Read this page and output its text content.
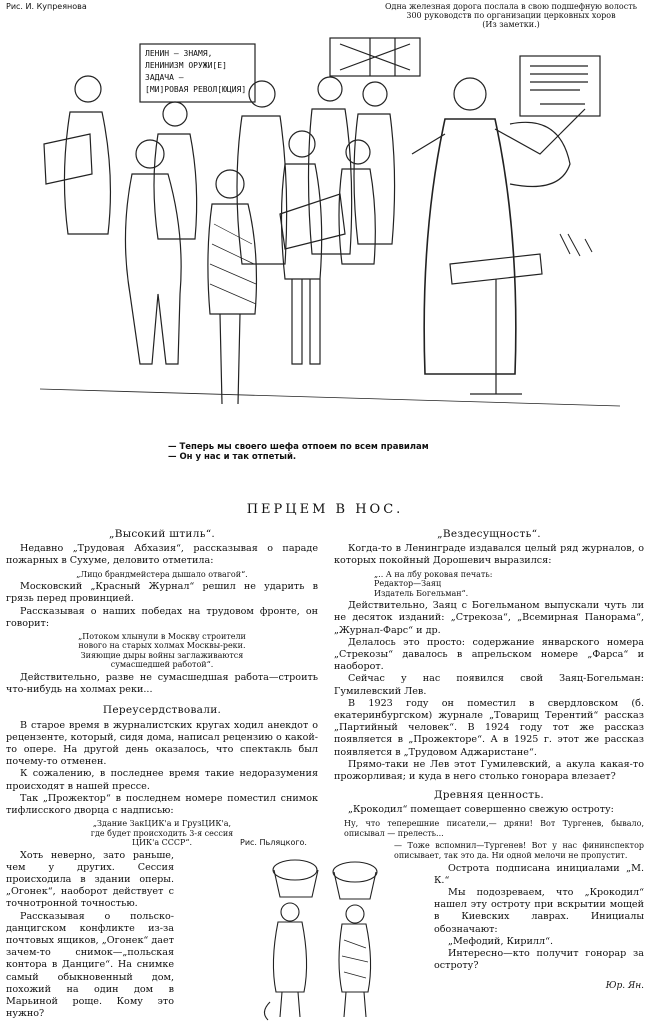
Рис. И. Купреянова	Одна железная дорога послала в свою подшефную волость 300 руководств по организации церковных хоров
(Из заметки.)
ЛЕНИН — ЗНАМЯ,
ЛЕНИНИЗМ ОРУЖИ[Е]
ЗАДАЧА —
[МИ]РОВАЯ РЕВОЛ[ЮЦИЯ]
— Теперь мы своего шефа отпоем по всем правилам
— Он у нас и так отпетый.
ПЕРЦЕМ В НОС.
„Высокий штиль“.

Недавно „Трудовая Абхазия“, рассказывая о параде пожарных в Сухуме, деловито отметила:

„Лицо брандмейстера дышало отвагой“.

Московский „Красный Журнал“ решил не ударить в грязь перед провинцией.

Рассказывая о наших победах на трудовом фронте, он говорит:

„Потоком хлынули в Москву строители
нового на старых холмах Москвы-реки.
Зияющие дыры войны заглаживаются
сумасшедшей работой“.

Действительно, разве не сумасшедшая работа—строить что-нибудь на холмах реки...

Переусердствовали.

В старое время в журналистских кругах ходил анекдот о рецензенте, который, сидя дома, написал рецензию о какой-то опере. На другой день оказалось, что спектакль был почему-то отменен.

К сожалению, в последнее время такие недоразумения происходят в нашей прессе.

Так „Прожектор“ в последнем номере поместил снимок тифлисского дворца с надписью:

„Здание ЗакЦИК'а и ГрузЦИК'а,
где будет происходить 3-я сессия
ЦИК'а СССР“.

Хоть неверно, зато раньше, чем у других. Сессия происходила в здании оперы. „Огонек“, наоборот действует с точнотронной точностью.

Рассказывая о польско-данцигском конфликте из-за почтовых ящиков, „Огонек“ дает зачем-то снимок—„польская контора в Данциге“. На снимке самый обыкновенный дом, похожий на один дом в Марьиной роще. Кому это нужно?

Рис. Пьляцкого.
„Вездесущность“.

Когда-то в Ленинграде издавался целый ряд журналов, о которых покойный Дорошевич выразился:

„.. А на лбу роковая печать:
Редактор—Заяц
Издатель Богельман“.

Действительно, Заяц с Богельманом выпускали чуть ли не десяток изданий: „Стрекоза“, „Всемирная Панорама“, „Журнал-Фарс“ и др.

Делалось это просто: содержание январского номера „Стрекозы“ давалось в апрельском номере „Фарса“ и наоборот.

Сейчас у нас появился свой Заяц-Богельман: Гумилевский Лев.

В 1923 году он поместил в свердловском (б. екатеринбургском) журнале „Товарищ Терентий“ рассказ „Партийный человек“. В 1924 году тот же рассказ появляется в „Прожекторе“. А в 1925 г. этот же рассказ появляется в „Трудовом Аджаристане“.

Прямо-таки не Лев этот Гумилевский, а акула какая-то прожорливая; и куда в него столько гонорара влезает?

Древняя ценность.

„Крокодил“ помещает совершенно свежую остроту:

Ну, что теперешние писатели,— дряни! Вот Тургенев, бывало, описывал — прелесть...
— Тоже вспомнил—Тургенев! Вот у нас фининспектор описывает, так это да. Ни одной мелочи не пропустит.

Острота подписана инициалами „М. К.“

Мы подозреваем, что „Крокодил“ нашел эту остроту при вскрытии мощей в Киевских лаврах. Инициалы обозначают:

„Мефодий, Кирилл“.

Интересно—кто получит гонорар за остроту?

Юр. Ян.
